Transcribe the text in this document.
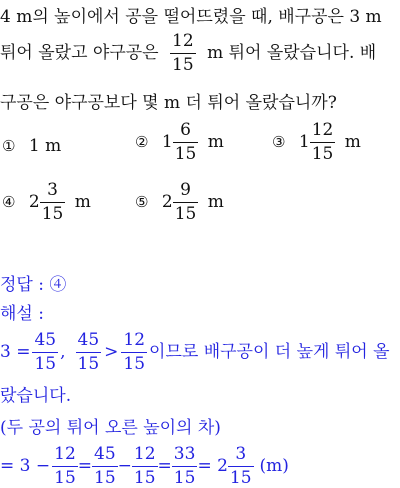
4 m의 높이에서 공을 떨어뜨렸을 때, 배구공은 3 m
튀어 올랐고 야구공은 $\frac{12}{15}$ m 튀어 올랐습니다. 배
구공은 야구공보다 몇 m 더 튀어 올랐습니까?
① 1 m	② $1 \frac{6}{15}$ m	③ $1 \frac{12}{15}$ m
④ $2 \frac{3}{15}$ m	⑤ $2 \frac{9}{15}$ m
정답 : ④
해설 :
$3 = \frac{45}{15}$ , $\frac{45}{15} > \frac{12}{15}$ 이므로 배구공이 더 높게 튀어 올
랐습니다.
(두 공의 튀어 오른 높이의 차)
= $3 - \frac{12}{15} = \frac{45}{15} - \frac{12}{15} = \frac{33}{15} = 2 \frac{3}{15} (m)$
